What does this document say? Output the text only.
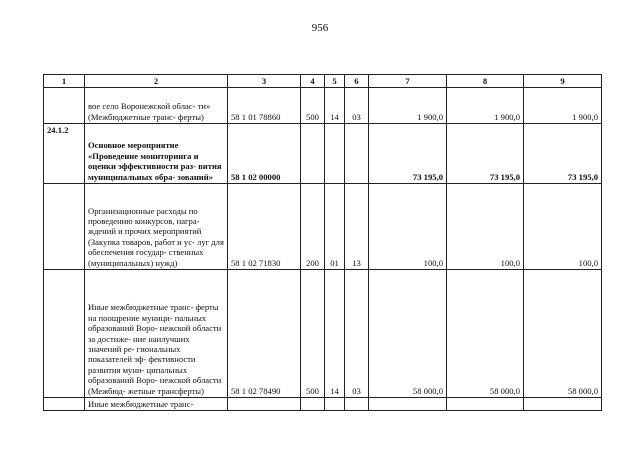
956
1	2	3	4	5	6	7	8	9
	вое село Воронежской облас- ти» (Межбюджетные транс- ферты)	58 1 01 78860	500	14	03	1 900,0	1 900,0	1 900,0
24.1.2	Основное мероприятие «Проведение мониторинга и оценки эффективности раз- вития муниципальных обра- зований»	58 1 02 00000				73 195,0	73 195,0	73 195,0
	Организационные расходы по проведению конкурсов, награ- ждений и прочих мероприятий (Закупка товаров, работ и ус- луг для обеспечения государ- ственных (муниципальных) нужд)	58 1 02 71830	200	01	13	100,0	100,0	100,0
	Иные межбюджетные транс- ферты на поощрение муници- пальных образований Воро- нежской области за достиже- ние наилучших значений ре- гиональных показателей эф- фективности развития муни- ципальных образований Воро- нежской области (Межбюд- жетные трансферты)	58 1 02 78490	500	14	03	58 000,0	58 000,0	58 000,0
	Иные межбюджетные транс-							
